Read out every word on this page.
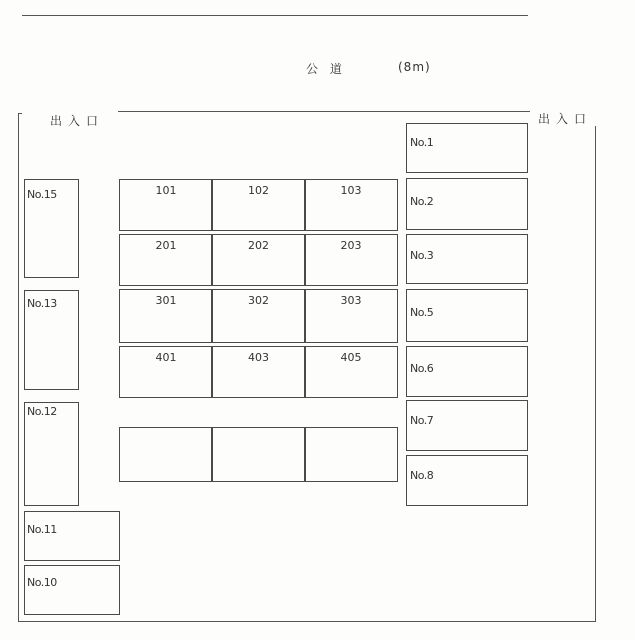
公 道	(8m)
出入口	出入口
No.1
No.2
No.3
No.5
No.6
No.7
No.8
No.15
No.13
No.12
No.11
No.10
101	102	103
201	202	203
301	302	303
401	403	405
